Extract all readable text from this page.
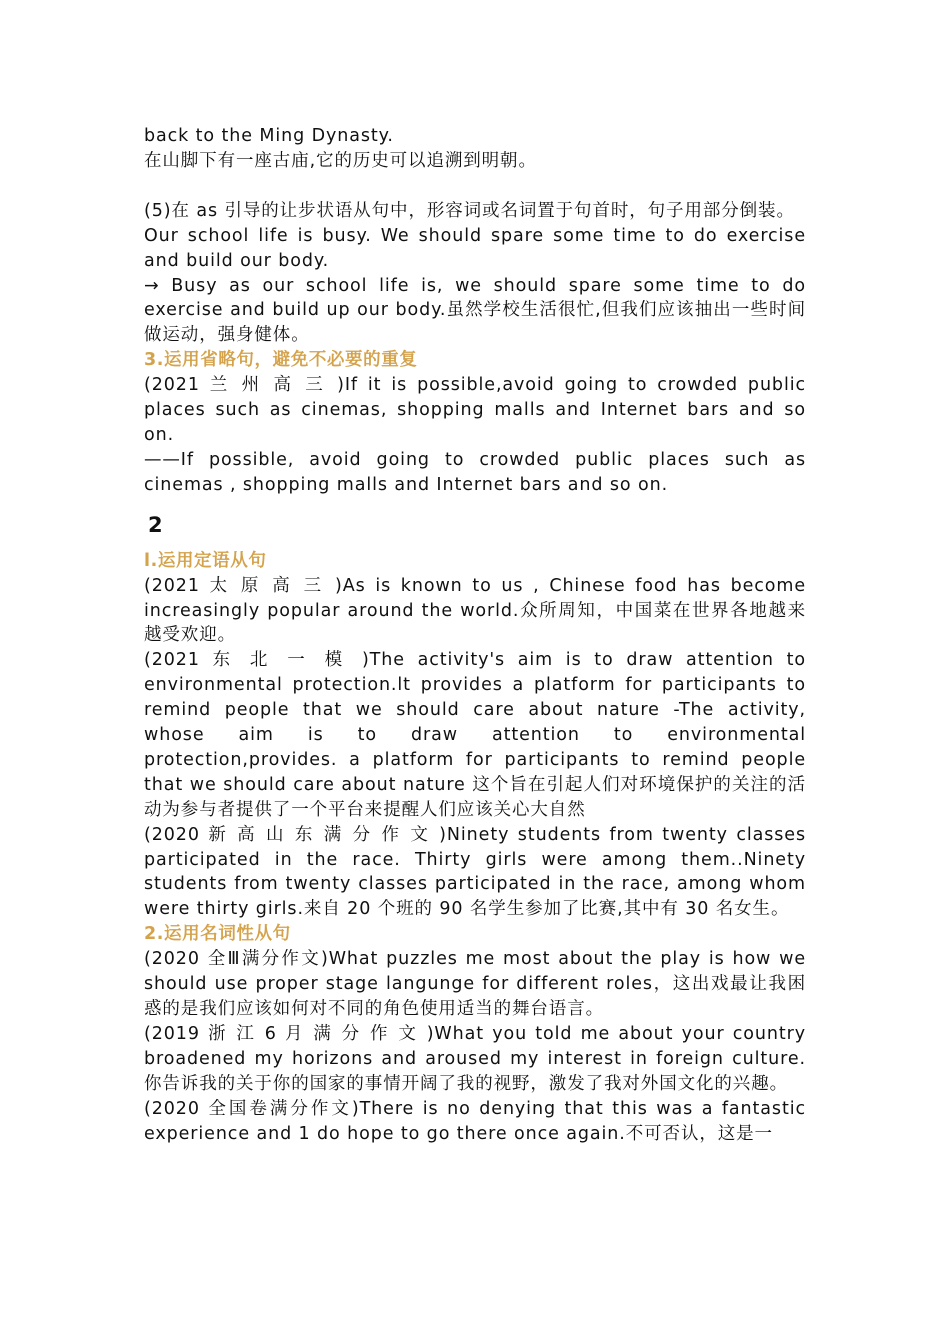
back to the Ming Dynasty.

在山脚下有一座古庙,它的历史可以追溯到明朝。

(5)在 as 引导的让步状语从句中，形容词或名词置于句首时，句子用部分倒装。

Our school life is busy. We should spare some time to do exercise and build our body.

→ Busy as our school life is, we should spare some time to do exercise and build up our body.虽然学校生活很忙,但我们应该抽出一些时间做运动，强身健体。

3.运用省略句，避免不必要的重复

(2021 兰 州 高 三 )If it is possible,avoid going to crowded public places such as cinemas, shopping malls and Internet bars and so on.

——If possible, avoid going to crowded public places such as cinemas , shopping malls and Internet bars and so on.

2

l.运用定语从句

(2021 太 原 高 三 )As is known to us , Chinese food has become increasingly popular around the world.众所周知，中国菜在世界各地越来越受欢迎。

(2021 东 北 一 模 )The activity's aim is to draw attention to environmental protection.lt provides a platform for participants to remind people that we should care about nature -The activity, whose aim is to draw attention to environmental protection,provides. a platform for participants to remind people that we should care about nature 这个旨在引起人们对环境保护的关注的活动为参与者提供了一个平台来提醒人们应该关心大自然

(2020 新 高 山 东 满 分 作 文 )Ninety students from twenty classes participated in the race. Thirty girls were among them..Ninety students from twenty classes participated in the race, among whom were thirty girls.来自 20 个班的 90 名学生参加了比赛,其中有 30 名女生。

2.运用名词性从句

(2020 全Ⅲ满分作文)What puzzles me most about the play is how we should use proper stage langunge for different roles，这出戏最让我困惑的是我们应该如何对不同的角色使用适当的舞台语言。

(2019 浙 江 6 月 满 分 作 文 )What you told me about your country broadened my horizons and aroused my interest in foreign culture.你告诉我的关于你的国家的事情开阔了我的视野，激发了我对外国文化的兴趣。

(2020 全国卷满分作文)There is no denying that this was a fantastic experience and 1 do hope to go there once again.不可否认，这是一
